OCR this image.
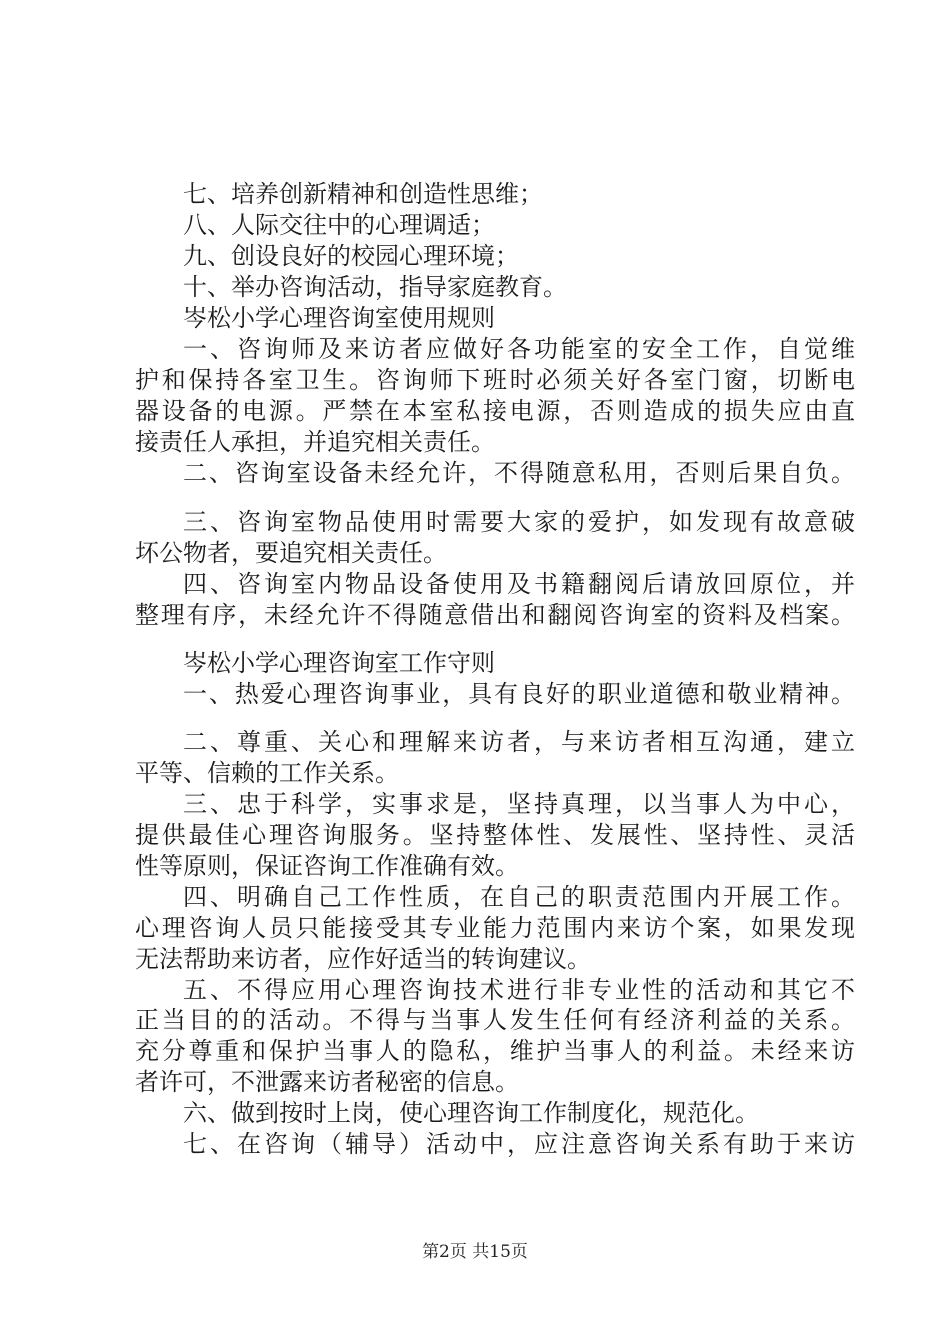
七、培养创新精神和创造性思维；
八、人际交往中的心理调适；
九、创设良好的校园心理环境；
十、举办咨询活动，指导家庭教育。
岑松小学心理咨询室使用规则
一、咨询师及来访者应做好各功能室的安全工作，自觉维
护和保持各室卫生。咨询师下班时必须关好各室门窗，切断电
器设备的电源。严禁在本室私接电源，否则造成的损失应由直
接责任人承担，并追究相关责任。
二、咨询室设备未经允许，不得随意私用，否则后果自负。
三、咨询室物品使用时需要大家的爱护，如发现有故意破
坏公物者，要追究相关责任。
四、咨询室内物品设备使用及书籍翻阅后请放回原位，并
整理有序，未经允许不得随意借出和翻阅咨询室的资料及档案。
岑松小学心理咨询室工作守则
一、热爱心理咨询事业，具有良好的职业道德和敬业精神。
二、尊重、关心和理解来访者，与来访者相互沟通，建立
平等、信赖的工作关系。
三、忠于科学，实事求是，坚持真理，以当事人为中心，
提供最佳心理咨询服务。坚持整体性、发展性、坚持性、灵活
性等原则，保证咨询工作准确有效。
四、明确自己工作性质，在自己的职责范围内开展工作。
心理咨询人员只能接受其专业能力范围内来访个案，如果发现
无法帮助来访者，应作好适当的转询建议。
五、不得应用心理咨询技术进行非专业性的活动和其它不
正当目的的活动。不得与当事人发生任何有经济利益的关系。
充分尊重和保护当事人的隐私，维护当事人的利益。未经来访
者许可，不泄露来访者秘密的信息。
六、做到按时上岗，使心理咨询工作制度化，规范化。
七、在咨询（辅导）活动中，应注意咨询关系有助于来访
第2页 共15页
